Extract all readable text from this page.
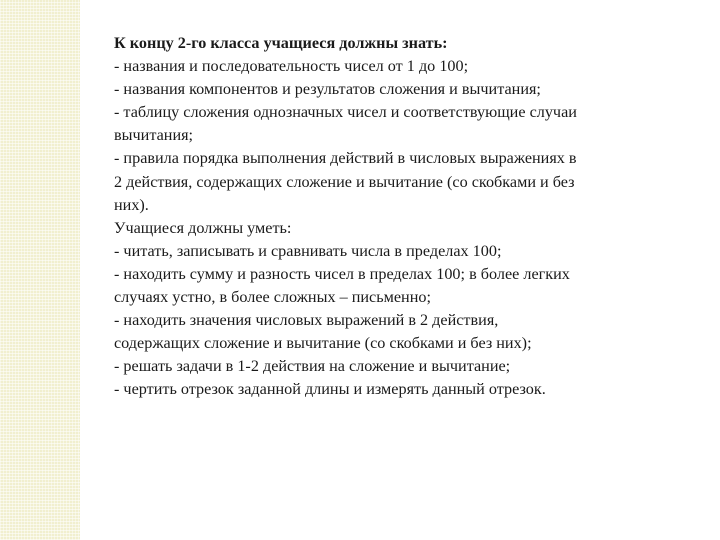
К концу 2-го класса учащиеся должны знать:
- названия и последовательность чисел от 1 до 100;
- названия компонентов и результатов сложения и вычитания;
- таблицу сложения однозначных чисел и соответствующие случаи
вычитания;
- правила порядка выполнения действий в числовых выражениях в
2 действия, содержащих сложение и вычитание (со скобками и без
них).
Учащиеся должны уметь:
- читать, записывать и сравнивать числа в пределах 100;
- находить сумму и разность чисел в пределах 100; в более легких
случаях устно, в более сложных – письменно;
- находить значения числовых выражений в 2 действия,
содержащих сложение и вычитание (со скобками и без них);
- решать задачи в 1-2 действия на сложение и вычитание;
- чертить отрезок заданной длины и измерять данный отрезок.
